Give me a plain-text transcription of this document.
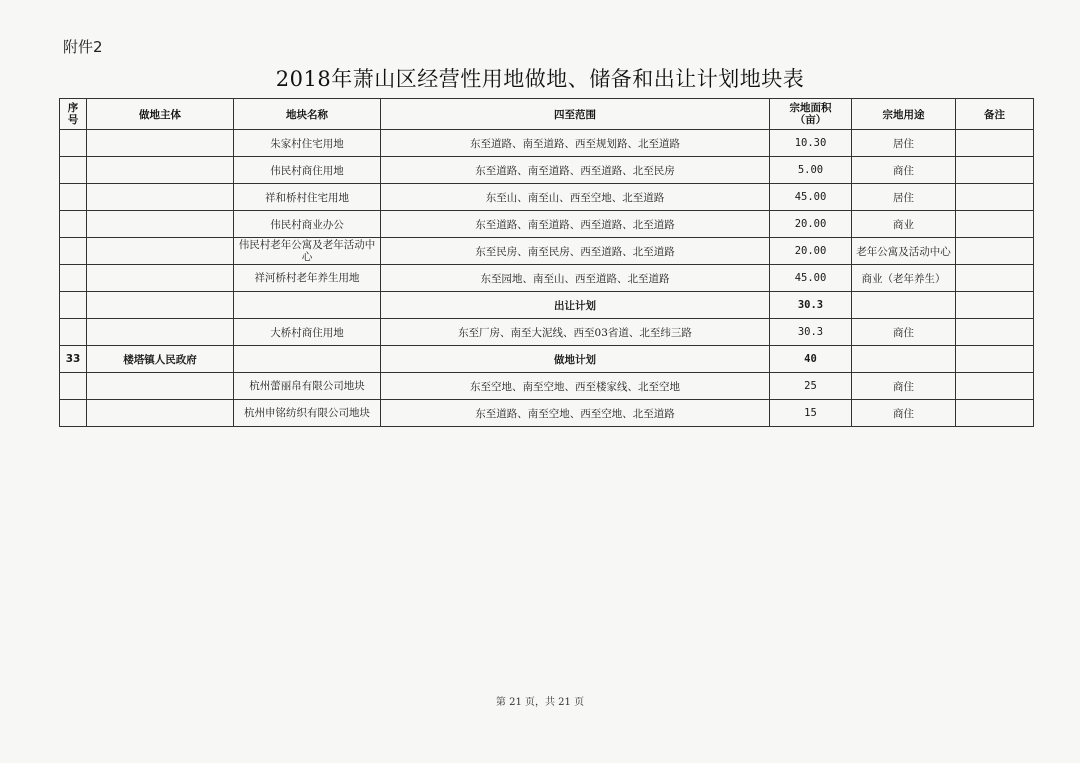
附件2
2018年萧山区经营性用地做地、储备和出让计划地块表
序
号	做地主体	地块名称	四至范围	宗地面积
（亩）	宗地用途	备注
		朱家村住宅用地	东至道路、南至道路、西至规划路、北至道路	10.30	居住	
		伟民村商住用地	东至道路、南至道路、西至道路、北至民房	5.00	商住	
		祥和桥村住宅用地	东至山、南至山、西至空地、北至道路	45.00	居住	
		伟民村商业办公	东至道路、南至道路、西至道路、北至道路	20.00	商业	
		伟民村老年公寓及老年活动中心	东至民房、南至民房、西至道路、北至道路	20.00	老年公寓及活动中心	
		祥河桥村老年养生用地	东至园地、南至山、西至道路、北至道路	45.00	商业（老年养生）	
			出让计划	30.3		
		大桥村商住用地	东至厂房、南至大泥线、西至03省道、北至纬三路	30.3	商住	
33	楼塔镇人民政府		做地计划	40		
		杭州蕾丽帛有限公司地块	东至空地、南至空地、西至楼家线、北至空地	25	商住	
		杭州申铭纺织有限公司地块	东至道路、南至空地、西至空地、北至道路	15	商住	
第 21 页，共 21 页
